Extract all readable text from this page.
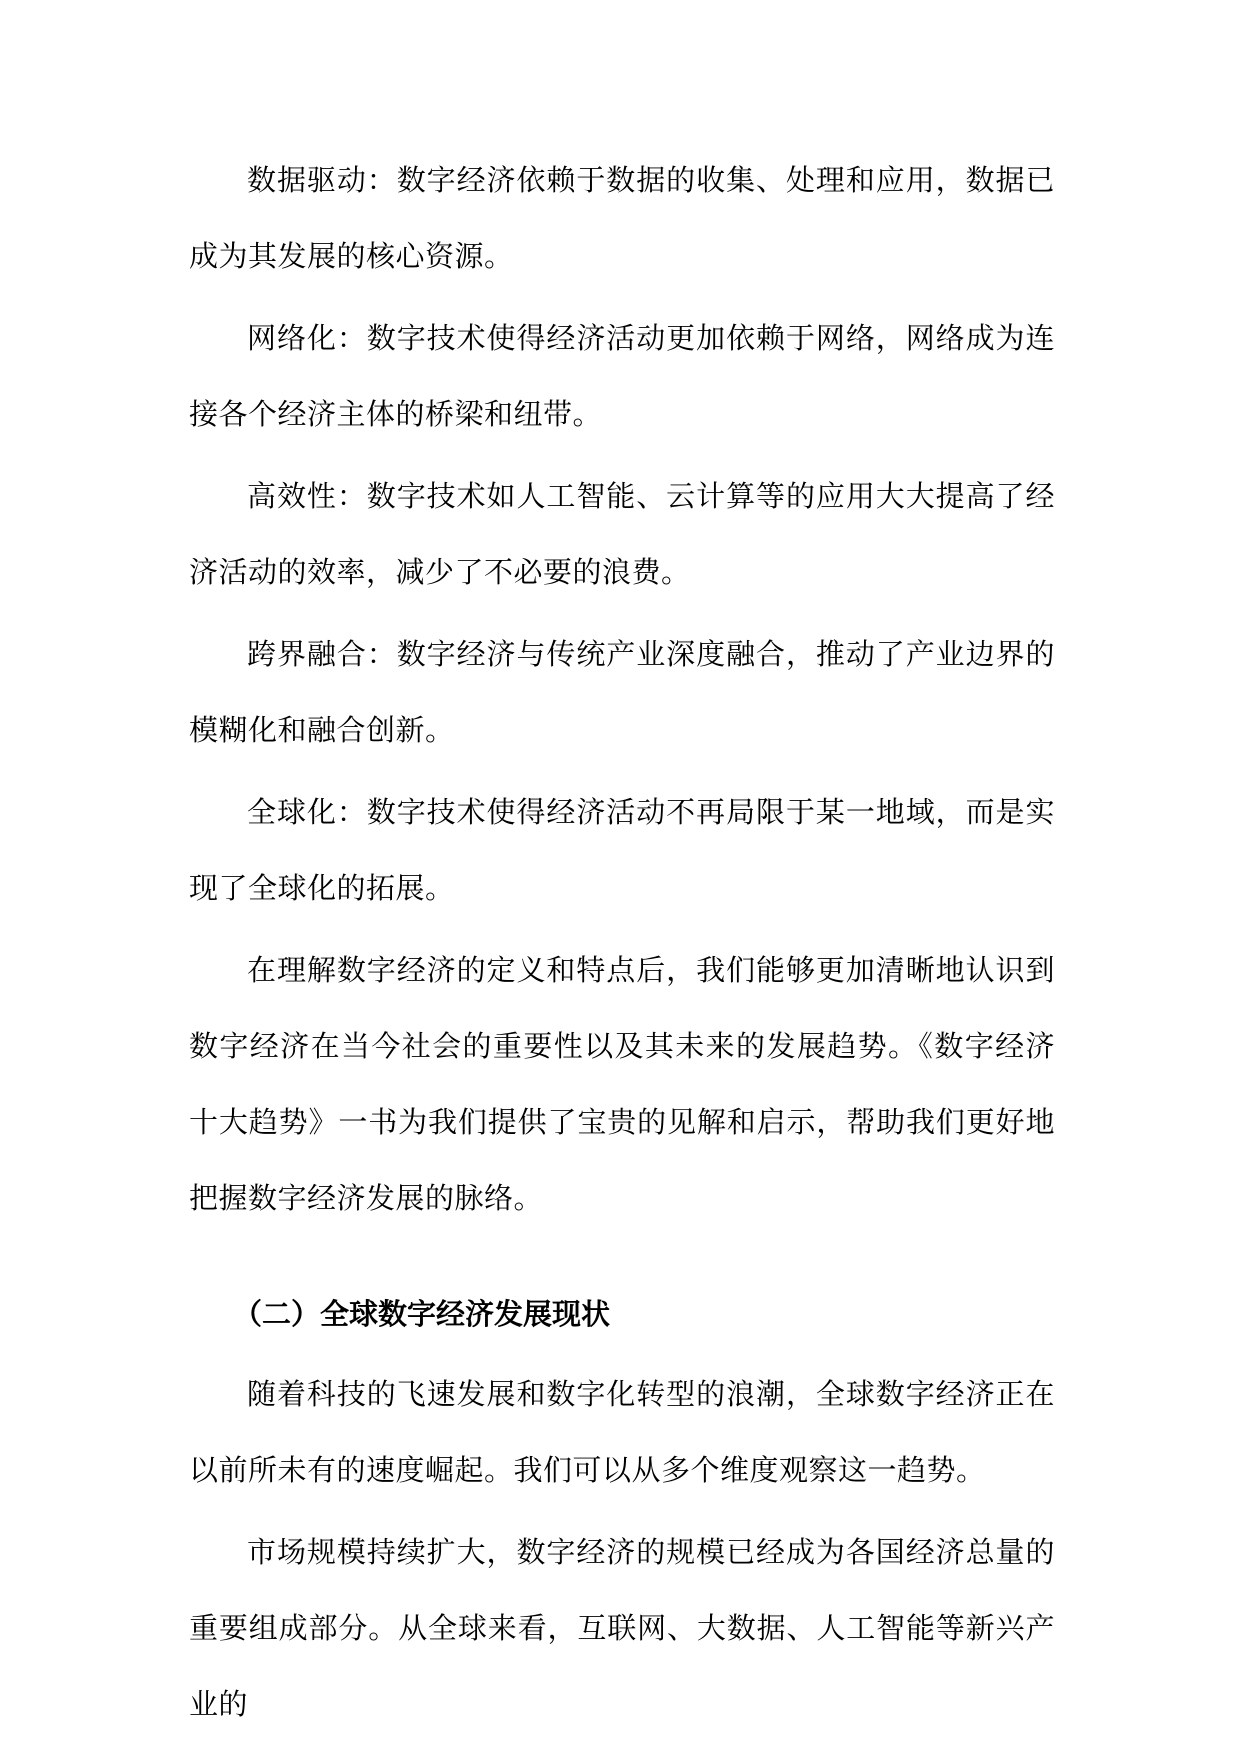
数据驱动：数字经济依赖于数据的收集、处理和应用，数据已成为其发展的核心资源。

网络化：数字技术使得经济活动更加依赖于网络，网络成为连接各个经济主体的桥梁和纽带。

高效性：数字技术如人工智能、云计算等的应用大大提高了经济活动的效率，减少了不必要的浪费。

跨界融合：数字经济与传统产业深度融合，推动了产业边界的模糊化和融合创新。

全球化：数字技术使得经济活动不再局限于某一地域，而是实现了全球化的拓展。

在理解数字经济的定义和特点后，我们能够更加清晰地认识到数字经济在当今社会的重要性以及其未来的发展趋势。《数字经济十大趋势》一书为我们提供了宝贵的见解和启示，帮助我们更好地把握数字经济发展的脉络。

（二）全球数字经济发展现状

随着科技的飞速发展和数字化转型的浪潮，全球数字经济正在以前所未有的速度崛起。我们可以从多个维度观察这一趋势。

市场规模持续扩大，数字经济的规模已经成为各国经济总量的重要组成部分。从全球来看，互联网、大数据、人工智能等新兴产业的
